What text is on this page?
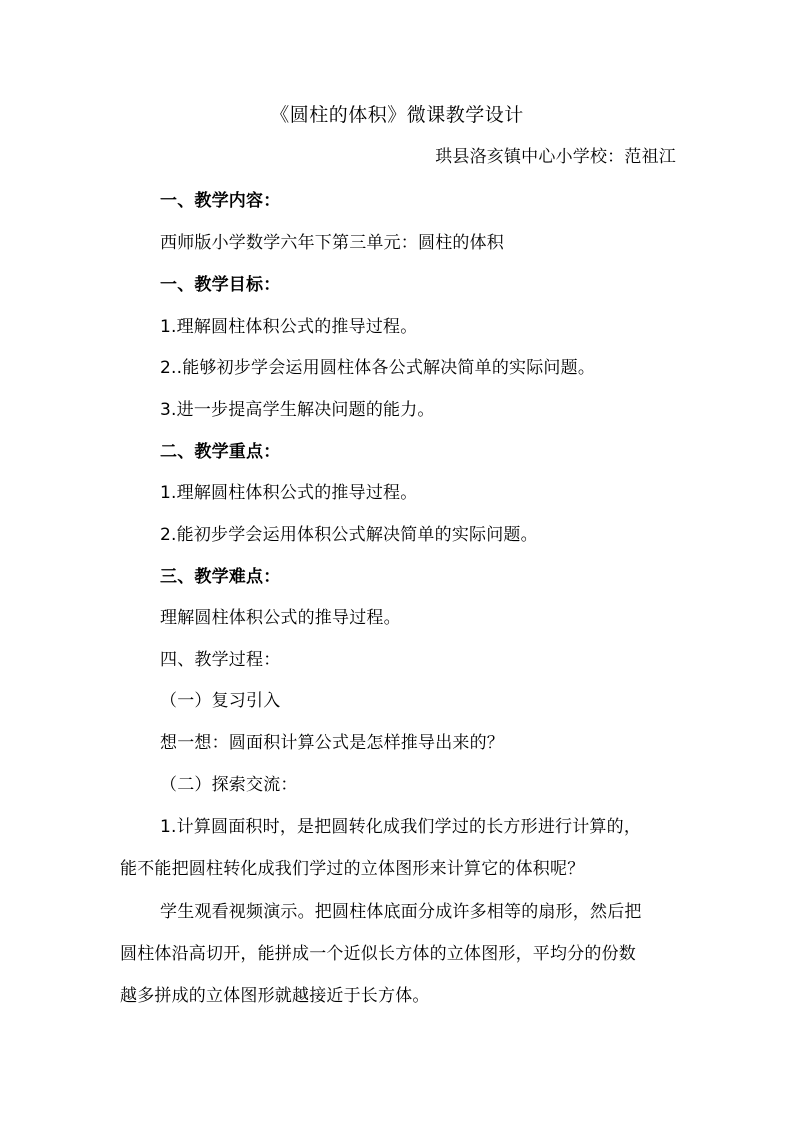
《圆柱的体积》微课教学设计

珙县洛亥镇中心小学校：范祖江

一、教学内容：

西师版小学数学六年下第三单元：圆柱的体积

一、教学目标：

1.理解圆柱体积公式的推导过程。

2..能够初步学会运用圆柱体各公式解决简单的实际问题。

3.进一步提高学生解决问题的能力。

二、教学重点：

1.理解圆柱体积公式的推导过程。

2.能初步学会运用体积公式解决简单的实际问题。

三、教学难点：

理解圆柱体积公式的推导过程。

四、教学过程：

（一）复习引入

想一想：圆面积计算公式是怎样推导出来的？

（二）探索交流：

1.计算圆面积时，是把圆转化成我们学过的长方形进行计算的，

能不能把圆柱转化成我们学过的立体图形来计算它的体积呢？

学生观看视频演示。把圆柱体底面分成许多相等的扇形，然后把

圆柱体沿高切开，能拼成一个近似长方体的立体图形，平均分的份数

越多拼成的立体图形就越接近于长方体。
